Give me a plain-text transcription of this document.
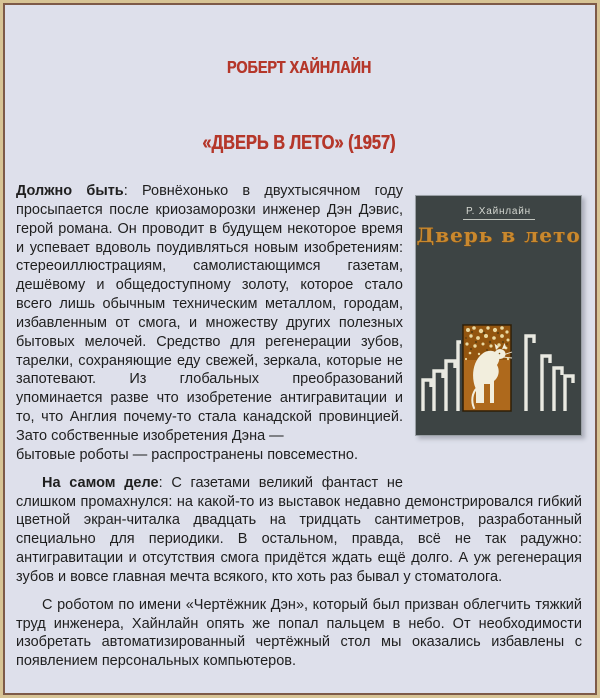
РОБЕРТ ХАЙНЛАЙН
«ДВЕРЬ В ЛЕТО» (1957)
Р. Хайнлайн
Дверь в лето

Должно быть: Ровнёхонько в двухтысячном году просыпается после криозаморозки инженер Дэн Дэвис, герой романа. Он проводит в будущем некоторое время и успевает вдоволь поудивляться новым изобретениям: стереоиллюстрациям, самолистающимся газетам, дешёвому и общедоступному золоту, которое стало всего лишь обычным техническим металлом, городам, избавленным от смога, и множеству других полезных бытовых мелочей. Средство для регенерации зубов, тарелки, сохраняющие еду свежей, зеркала, которые не запотевают. Из глобальных преобразований упоминается разве что изобретение антигравитации и то, что Англия почему-то стала канадской провинцией. Зато собственные изобретения Дэна —
бытовые роботы — распространены повсеместно.

На самом деле: С газетами великий фантаст не слишком промахнулся: на какой-то из выставок недавно демонстрировался гибкий цветной экран-читалка двадцать на тридцать сантиметров, разработанный специально для периодики. В остальном, правда, всё не так радужно: антигравитации и отсутствия смога придётся ждать ещё долго. А уж регенерация зубов и вовсе главная мечта всякого, кто хоть раз бывал у стоматолога.

С роботом по имени «Чертёжник Дэн», который был призван облегчить тяжкий труд инженера, Хайнлайн опять же попал пальцем в небо. От необходимости изобретать автоматизированный чертёжный стол мы оказались избавлены с появлением персональных компьютеров.
